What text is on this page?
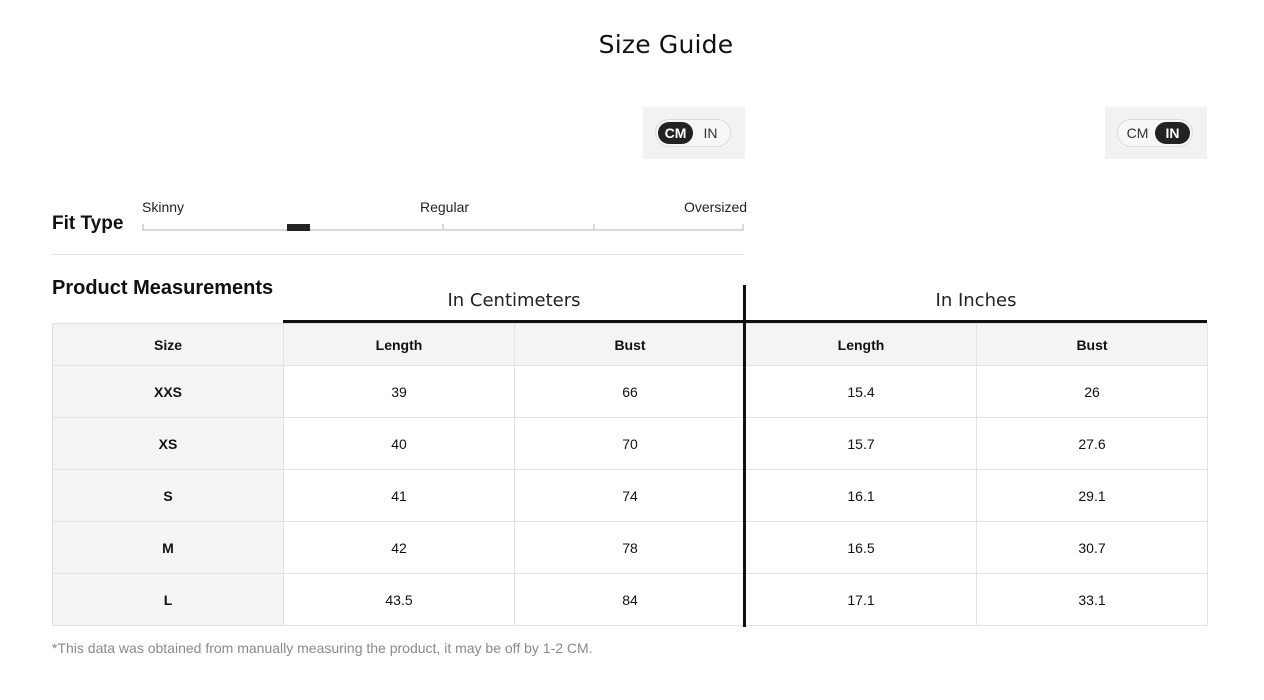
Size Guide
CM	IN	CM	IN
Fit Type
Skinny	Regular	Oversized
Product Measurements
In Centimeters	In Inches
Size	Length	Bust	Length	Bust
XXS	39	66	15.4	26
XS	40	70	15.7	27.6
S	41	74	16.1	29.1
M	42	78	16.5	30.7
L	43.5	84	17.1	33.1
*This data was obtained from manually measuring the product, it may be off by 1-2 CM.
